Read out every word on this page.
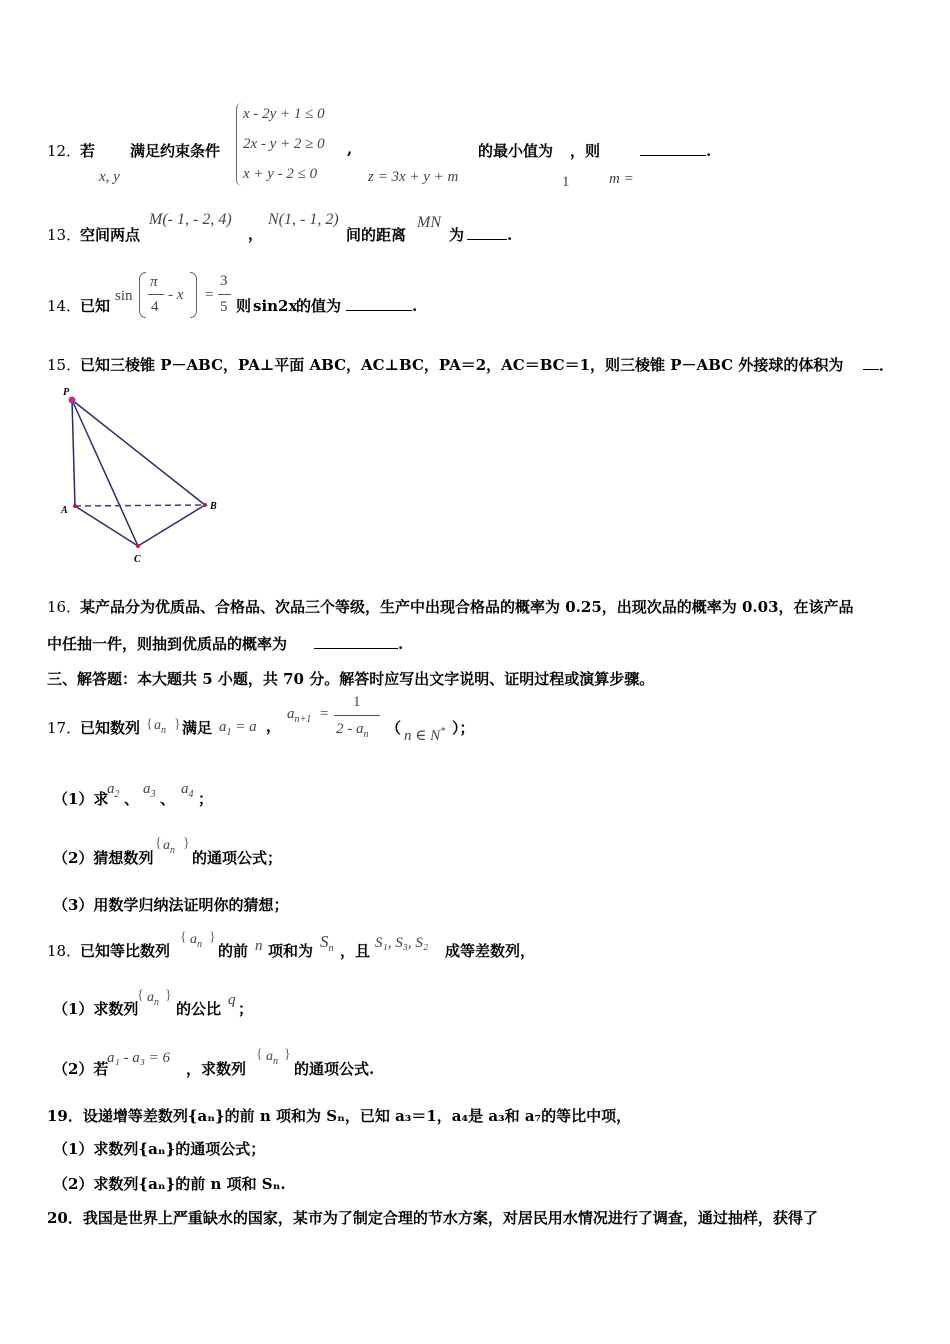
12．
若 满足约束条件
x, y
x - 2y + 1 ≤ 0
2x - y + 2 ≥ 0
x + y - 2 ≤ 0
,
z = 3x + y + m
的最小值为
1
，则
m =
.
13．
空间两点
M(- 1, - 2, 4)
，
N(1, - 1, 2)
间的距离
MN
为	.
14．
已知
sin
π
4
- x =
3
5 则 sin2x
的值为	.
15．
已知三棱锥 P－ABC，PA⊥平面 ABC，AC⊥BC，PA＝2，AC＝BC＝1，则三棱锥 P－ABC 外接球的体积为	．
P
A	B
C
16．
某产品分为优质品、合格品、次品三个等级，生产中出现合格品的概率为 0.25，出现次品的概率为 0.03，在该产品
中任抽一件，则抽到优质品的概率为	.
三、解答题：本大题共 5 小题，共 70 分。解答时应写出文字说明、证明过程或演算步骤。
17．
已知数列 { $a_n$ } 满足 $a_1 = a$ ，
$a_{n+1}$ =
1
$2 - a_n$ （ n ∈ N* ）；
（1）求
$a_2$ 、
$a_3$ 、
$a_4$ ；
（2）猜想数列
{ $a_n$ }
的通项公式；
（3）用数学归纳法证明你的猜想；
18．
已知等比数列
{ $a_n$ }
的前 n 项和为 $S_n$ ，且 S₁, S₃, S₂ 成等差数列，
（1）求数列
{ $a_n$ }
的公比 q ；
（2）若
a₁ - a₃ = 6
，求数列
{ $a_n$ }
的通项公式.
19．设递增等差数列{aₙ}的前 n 项和为 Sₙ，已知 a₃＝1，a₄是 a₃和 a₇的等比中项，
（1）求数列{aₙ}的通项公式；
（2）求数列{aₙ}的前 n 项和 Sₙ.
20．我国是世界上严重缺水的国家，某市为了制定合理的节水方案，对居民用水情况进行了调查，通过抽样，获得了
